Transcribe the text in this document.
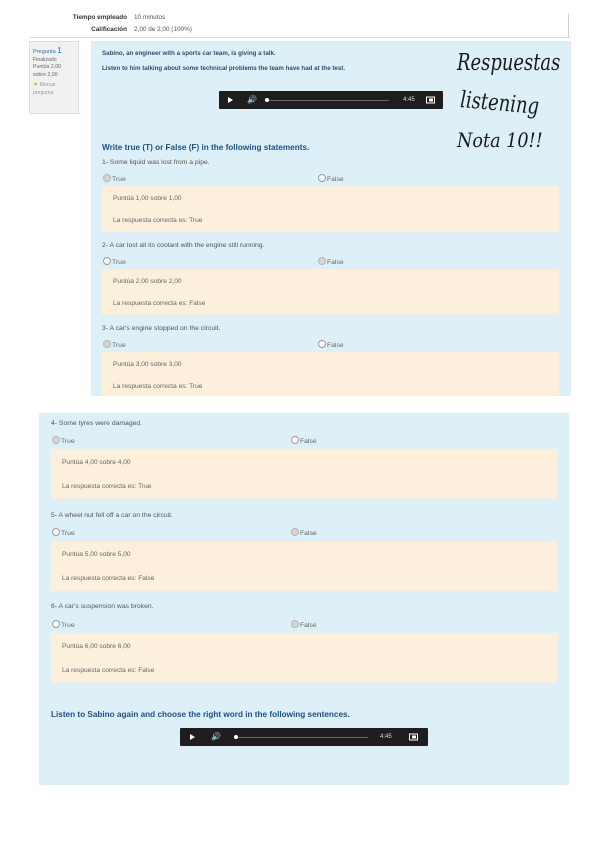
Tiempo empleado 10 minutos
Calificación 2,00 de 2,00 (100%)
Pregunta 1
Finalizado
Puntúa 2,00 sobre 2,00
▼ Marcar pregunta
Sabino, an engineer with a sports car team, is giving a talk.
Listen to him talking about some technical problems the team have had at the test.
🔊	4:45
Write true (T) or False (F) in the following statements.
1- Some liquid was lost from a pipe.
True	False
Puntúa 1,00 sobre 1,00
La respuesta correcta es: True
2- A car lost all its coolant with the engine still running.
True	False
Puntúa 2,00 sobre 2,00
La respuesta correcta es: False
3- A car's engine stopped on the circuit.
True	False
Puntúa 3,00 sobre 3,00
La respuesta correcta es: True
Respuestas
listening
Nota 10!!
4- Some tyres were damaged.
True	False
Puntúa 4,00 sobre 4,00
La respuesta correcta es: True
5- A wheel nut fell off a car on the circuit.
True	False
Puntúa 5,00 sobre 5,00
La respuesta correcta es: False
6- A car's suspension was broken.
True	False
Puntúa 6,00 sobre 6,00
La respuesta correcta es: False
Listen to Sabino again and choose the right word in the following sentences.
🔊	4:45
